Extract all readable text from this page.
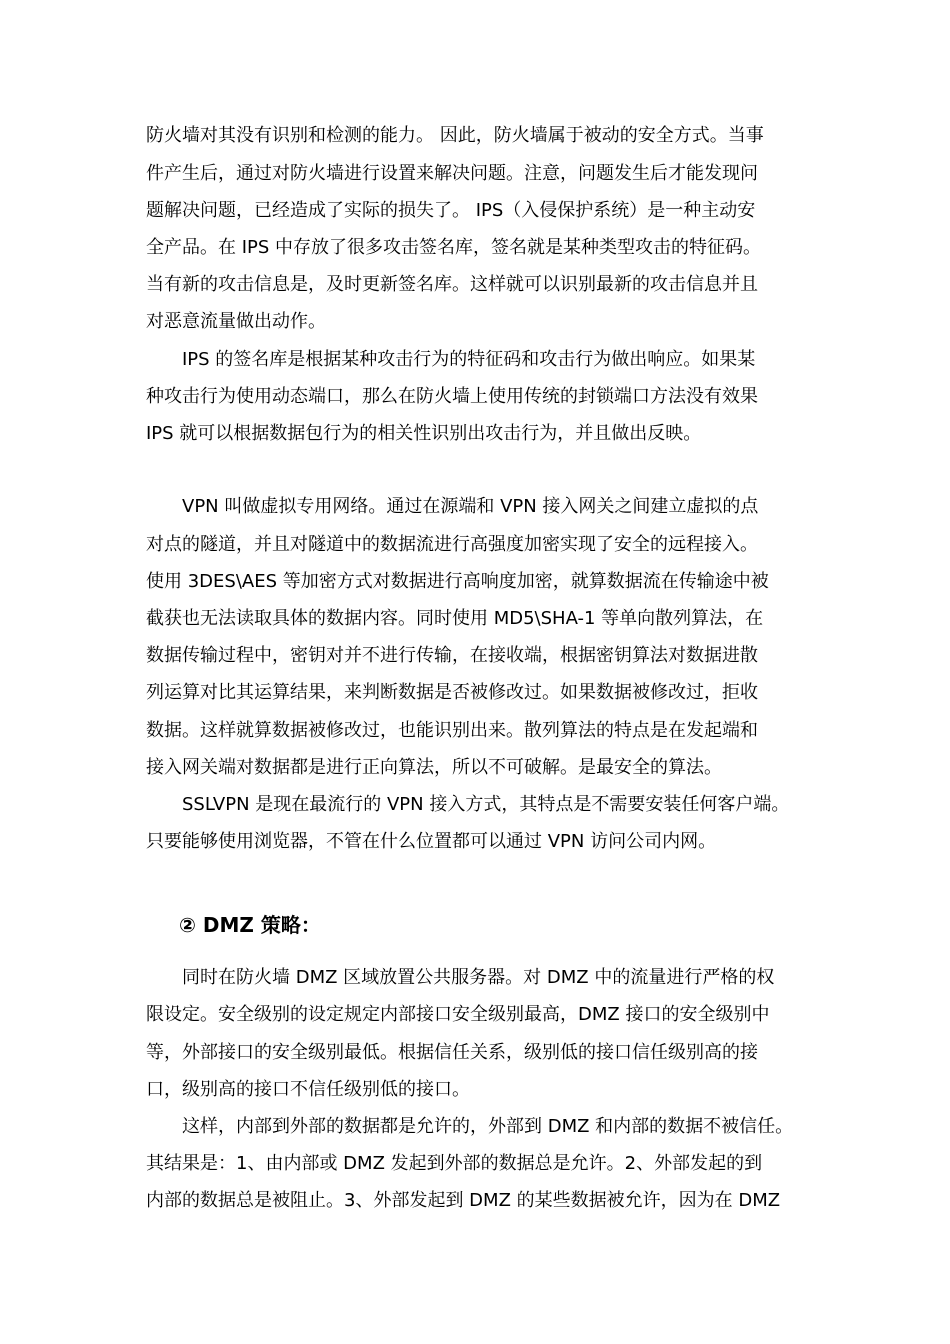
防火墙对其没有识别和检测的能力。 因此，防火墙属于被动的安全方式。当事
件产生后，通过对防火墙进行设置来解决问题。注意，问题发生后才能发现问
题解决问题，已经造成了实际的损失了。 IPS（入侵保护系统）是一种主动安
全产品。在 IPS 中存放了很多攻击签名库，签名就是某种类型攻击的特征码。
当有新的攻击信息是，及时更新签名库。这样就可以识别最新的攻击信息并且
对恶意流量做出动作。
IPS 的签名库是根据某种攻击行为的特征码和攻击行为做出响应。如果某
种攻击行为使用动态端口，那么在防火墙上使用传统的封锁端口方法没有效果
IPS 就可以根据数据包行为的相关性识别出攻击行为，并且做出反映。
VPN 叫做虚拟专用网络。通过在源端和 VPN 接入网关之间建立虚拟的点
对点的隧道，并且对隧道中的数据流进行高强度加密实现了安全的远程接入。
使用 3DES\AES 等加密方式对数据进行高响度加密，就算数据流在传输途中被
截获也无法读取具体的数据内容。同时使用 MD5\SHA-1 等单向散列算法，在
数据传输过程中，密钥对并不进行传输，在接收端，根据密钥算法对数据进散
列运算对比其运算结果，来判断数据是否被修改过。如果数据被修改过，拒收
数据。这样就算数据被修改过，也能识别出来。散列算法的特点是在发起端和
接入网关端对数据都是进行正向算法，所以不可破解。是最安全的算法。
SSLVPN 是现在最流行的 VPN 接入方式，其特点是不需要安装任何客户端。
只要能够使用浏览器，不管在什么位置都可以通过 VPN 访问公司内网。
② DMZ 策略：
同时在防火墙 DMZ 区域放置公共服务器。对 DMZ 中的流量进行严格的权
限设定。安全级别的设定规定内部接口安全级别最高，DMZ 接口的安全级别中
等，外部接口的安全级别最低。根据信任关系，级别低的接口信任级别高的接
口，级别高的接口不信任级别低的接口。
这样，内部到外部的数据都是允许的，外部到 DMZ 和内部的数据不被信任。
其结果是：1、由内部或 DMZ 发起到外部的数据总是允许。2、外部发起的到
内部的数据总是被阻止。3、外部发起到 DMZ 的某些数据被允许，因为在 DMZ
